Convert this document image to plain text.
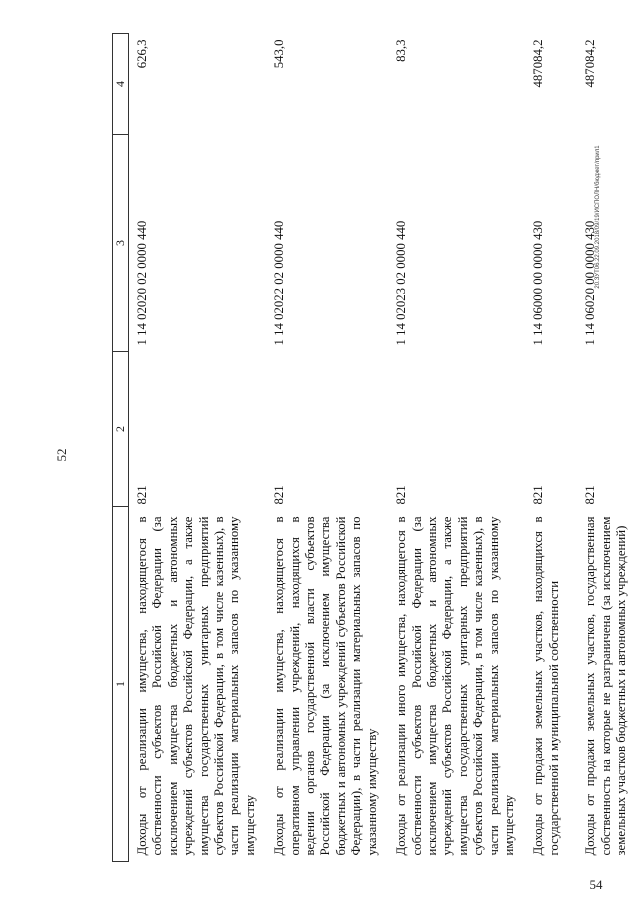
52
1	2	3	4
Доходы от реализации имущества, находящегося в собственности субъектов Российской Федерации (за исключением имущества бюджетных и автономных учреждений субъектов Российской Федерации, а также имущества государственных унитарных предприятий субъектов Российской Федерации, в том числе казенных), в части реализации материальных запасов по указанному имуществу	821	1 14 02020 02 0000 440	626,3
Доходы от реализации имущества, находящегося в оперативном управлении учреждений, находящихся в ведении органов государственной власти субъектов Российской Федерации (за исключением имущества бюджетных и автономных учреждений субъектов Российской Федерации), в части реализации материальных запасов по указанному имуществу	821	1 14 02022 02 0000 440	543,0
Доходы от реализации иного имущества, находящегося в собственности субъектов Российской Федерации (за исключением имущества бюджетных и автономных учреждений субъектов Российской Федерации, а также имущества государственных унитарных предприятий субъектов Российской Федерации, в том числе казенных), в части реализации материальных запасов по указанному имуществу	821	1 14 02023 02 0000 440	83,3
Доходы от продажи земельных участков, находящихся в государственной и муниципальной собственности	821	1 14 06000 00 0000 430	487084,2
Доходы от продажи земельных участков, государственная собственность на которые не разграничена (за исключением земельных участков бюджетных и автономных учреждений)	821	1 14 06020 00 0000 430	487084,2
20.ЗУТ06.22.09.2018/09/19/ИСПОЛН/бюджет/прил1
54
